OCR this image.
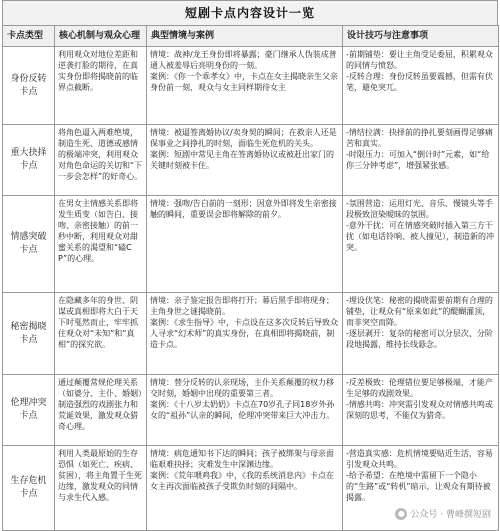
短剧卡点内容设计一览
卡点类型	核心机制与观众心理	典型情境与案例	设计技巧与注意事项
身份反转卡点	利用观众对地位差距和逆袭打脸的期待，在真实身份即将揭晓前的临界点截断。	情境：战神/龙王身份即将暴露；豪门继承人伪装成普通人被羞辱后亮明身份的一刻。
案例：《你一个乖孝女》中，卡点在女主揭晓亲生父亲身份前一刻，观众与女主同样期待女主	-前期铺垫：要让主角受足委屈，积累观众的同情与愤怒。
-反转合理：身份反转虽要震撼，但需有伏笔，避免突兀。

重大抉择卡点	将角色逼入两难绝境，制造生死、道德或感情的极端冲突，利用观众对角色命运的关切和“下一步会怎样”的好奇心。	情境：被逼签离婚协议/卖身契的瞬间；在救亲人还是保事业之间挣扎的时刻，面临生死危机的关头。
案例：短剧中常见主角在签离婚协议或被赶出家门的关键时刻被卡住。	-情结拉满：抉择前的挣扎要刻画得足够痛苦和真实。
-时限压力：可加入“倒计时”元素，如“给你三分钟考虑”，增强紧张感。

情感突破卡点	在男女主情感关系即将发生质变（如告白、接吻、亲密接触）的前一秒中断，利用观众对甜蜜关系的渴望和“磕CP”的心理。	情境：强吻/告白前的一刻形；因意外即将发生亲密接触的瞬间，重要误会即将解除的前夕。	-氛围营造：运用灯光、音乐、慢镜头等手段极致渲染暧昧的氛围。
-意外干扰：可在情感突破时插入第三方干扰（如电话铃响、被人撞见），制造新的冲突。

秘密揭晓卡点	在隐藏多年的身世、阴谋或真相即将大白于天下时戛然而止，牢牢抓住观众对“未知”和“真相”的探究欲。	情境：亲子鉴定报告即将打开；幕后黑手即将现身；主角身世之谜揭晓前。
案例：《求生指导》中，卡点设在这多次反转后导致众人寻求“幻术师”的真实身份，在真相即将揭晓前，制造卡点。	-埋设伏笔：秘密的揭晓需要前期有合理的铺垫，让观众有“原来如此”的醍醐灌顶，而非突空而降。
-逐层剥开：复杂的秘密可以分层次、分阶段地揭露，维持长线悬念。

伦理冲突卡点	通过颠覆常规伦理关系（如婆分、主仆、婚姻）制造强烈的戏剧张力和荒诞效果，激发观众猎奇心理。	情境：替分反转的认亲现场，主仆关系颠覆的权力移交时刻，婚姻中出现的重要第三者。
案例：《十八岁太奶奶》卡点在70岁孔子同18岁外孙女的“祖孙”认亲的瞬间，伦理冲突带来巨大冲击力。	-反差极致：伦理错位要足够极端，才能产生足够的戏剧效果。
-情感共鸣：冲突需引发观众对情感共鸣或深刻的思考，不能仅为猎奇。

生存危机卡点	利用人类最原始的生存恐惧（如死亡、疾病、贫困），将主角置于生死边缘，激发观众的同情与求生代入感。	情境：病危通知书下达的瞬间；孩子被绑架与母亲面临艰难抉择；灾难发生中深渊边缘。
案例：《荒年喂鸡我》中，《我的系统消息内》卡点在女主再次面临被孩子受欺负时刻的间隔中。	-营造真实感：危机情境要贴近生活，容易引发观众共鸣。
-给予希望：在绝境中需留下一个隐小的“生路”或“转机”暗示，让观众有期待被揭露。
● 公众号 · 曹峰撰短剧
